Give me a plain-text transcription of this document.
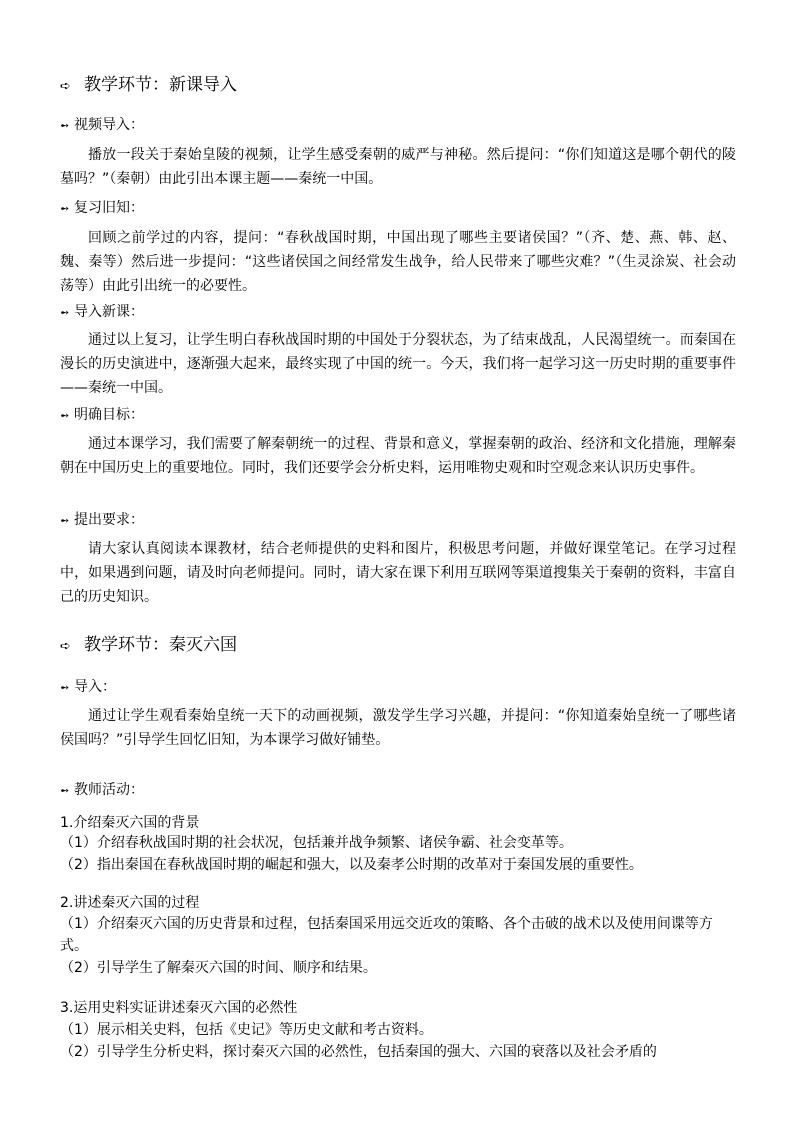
➪ 教学环节：新课导入
➻ 视频导入：
播放一段关于秦始皇陵的视频，让学生感受秦朝的威严与神秘。然后提问：“你们知道这是哪个朝代的陵墓吗？”（秦朝）由此引出本课主题——秦统一中国。
➻ 复习旧知：
回顾之前学过的内容，提问：“春秋战国时期，中国出现了哪些主要诸侯国？”（齐、楚、燕、韩、赵、魏、秦等）然后进一步提问：“这些诸侯国之间经常发生战争，给人民带来了哪些灾难？”（生灵涂炭、社会动荡等）由此引出统一的必要性。
➻ 导入新课：
通过以上复习，让学生明白春秋战国时期的中国处于分裂状态，为了结束战乱，人民渴望统一。而秦国在漫长的历史演进中，逐渐强大起来，最终实现了中国的统一。今天，我们将一起学习这一历史时期的重要事件——秦统一中国。
➻ 明确目标：
通过本课学习，我们需要了解秦朝统一的过程、背景和意义，掌握秦朝的政治、经济和文化措施，理解秦朝在中国历史上的重要地位。同时，我们还要学会分析史料，运用唯物史观和时空观念来认识历史事件。
➻ 提出要求：
请大家认真阅读本课教材，结合老师提供的史料和图片，积极思考问题，并做好课堂笔记。在学习过程中，如果遇到问题，请及时向老师提问。同时，请大家在课下利用互联网等渠道搜集关于秦朝的资料，丰富自己的历史知识。
➪ 教学环节：秦灭六国
➻ 导入：
通过让学生观看秦始皇统一天下的动画视频，激发学生学习兴趣，并提问：“你知道秦始皇统一了哪些诸侯国吗？”引导学生回忆旧知，为本课学习做好铺垫。
➻ 教师活动：
1.介绍秦灭六国的背景
（1）介绍春秋战国时期的社会状况，包括兼并战争频繁、诸侯争霸、社会变革等。
（2）指出秦国在春秋战国时期的崛起和强大，以及秦孝公时期的改革对于秦国发展的重要性。
2.讲述秦灭六国的过程
（1）介绍秦灭六国的历史背景和过程，包括秦国采用远交近攻的策略、各个击破的战术以及使用间谍等方式。
（2）引导学生了解秦灭六国的时间、顺序和结果。
3.运用史料实证讲述秦灭六国的必然性
（1）展示相关史料，包括《史记》等历史文献和考古资料。
（2）引导学生分析史料，探讨秦灭六国的必然性，包括秦国的强大、六国的衰落以及社会矛盾的
